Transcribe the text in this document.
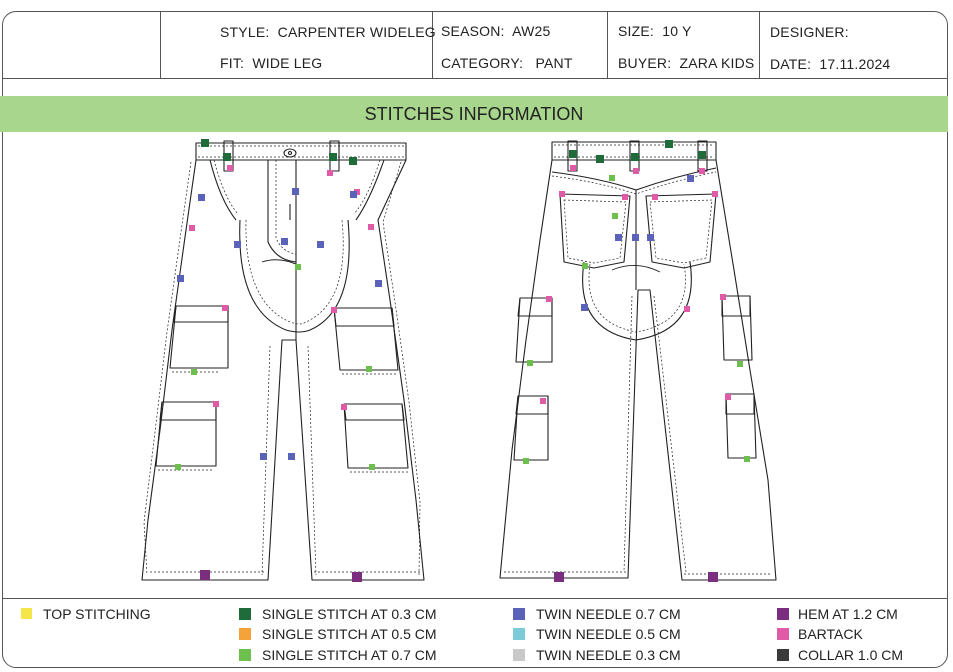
STYLE: CARPENTER WIDELEG
FIT: WIDE LEG
SEASON: AW25
CATEGORY: PANT
SIZE: 10 Y
BUYER: ZARA KIDS
DESIGNER:
DATE: 17.11.2024
STITCHES INFORMATION
TOP STITCHING	SINGLE STITCH AT 0.3 CM
SINGLE STITCH AT 0.5 CM
SINGLE STITCH AT 0.7 CM
TWIN NEEDLE 0.7 CM
TWIN NEEDLE 0.5 CM
TWIN NEEDLE 0.3 CM
HEM AT 1.2 CM
BARTACK
COLLAR 1.0 CM
